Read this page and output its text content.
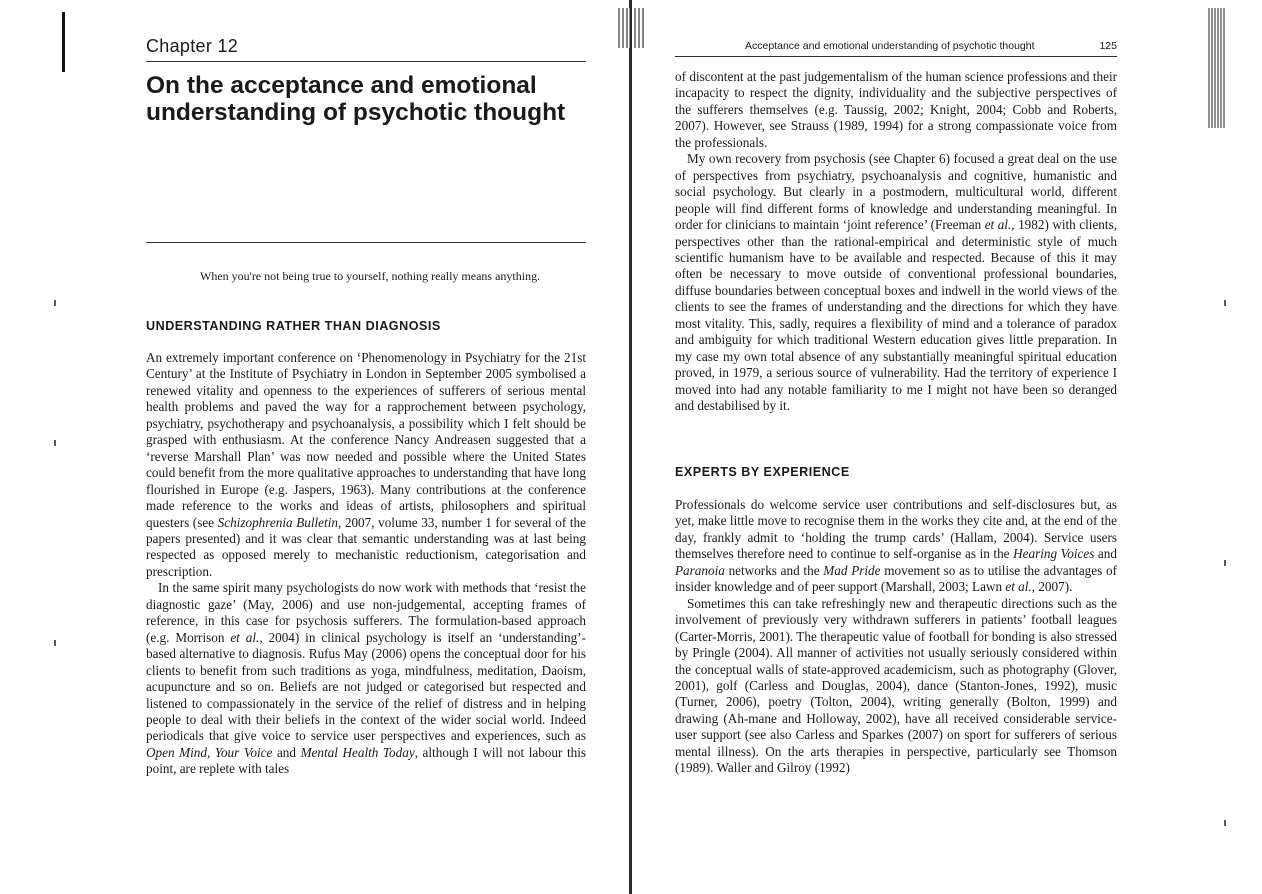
Chapter 12
On the acceptance and emotional understanding of psychotic thought
When you're not being true to yourself, nothing really means anything.
UNDERSTANDING RATHER THAN DIAGNOSIS

An extremely important conference on ‘Phenomenology in Psychiatry for the 21st Century’ at the Institute of Psychiatry in London in September 2005 symbolised a renewed vitality and openness to the experiences of sufferers of serious mental health problems and paved the way for a rapprochement between psychology, psychiatry, psychotherapy and psychoanalysis, a possibility which I felt should be grasped with enthusiasm. At the conference Nancy Andreasen suggested that a ‘reverse Marshall Plan’ was now needed and possible where the United States could benefit from the more qualitative approaches to understanding that have long flourished in Europe (e.g. Jaspers, 1963). Many contributions at the conference made reference to the works and ideas of artists, philosophers and spiritual questers (see Schizophrenia Bulletin, 2007, volume 33, number 1 for several of the papers presented) and it was clear that semantic understanding was at last being respected as opposed merely to mechanistic reductionism, categorisation and prescription.

In the same spirit many psychologists do now work with methods that ‘resist the diagnostic gaze’ (May, 2006) and use non-judgemental, accepting frames of reference, in this case for psychosis sufferers. The formulation-based approach (e.g. Morrison et al., 2004) in clinical psychology is itself an ‘understanding’-based alternative to diagnosis. Rufus May (2006) opens the conceptual door for his clients to benefit from such traditions as yoga, mindfulness, meditation, Daoism, acupuncture and so on. Beliefs are not judged or categorised but respected and listened to compassionately in the service of the relief of distress and in helping people to deal with their beliefs in the context of the wider social world. Indeed periodicals that give voice to service user perspectives and experiences, such as Open Mind, Your Voice and Mental Health Today, although I will not labour this point, are replete with tales

Acceptance and emotional understanding of psychotic thought	125

of discontent at the past judgementalism of the human science professions and their incapacity to respect the dignity, individuality and the subjective perspectives of the sufferers themselves (e.g. Taussig, 2002; Knight, 2004; Cobb and Roberts, 2007). However, see Strauss (1989, 1994) for a strong compassionate voice from the professionals.

My own recovery from psychosis (see Chapter 6) focused a great deal on the use of perspectives from psychiatry, psychoanalysis and cognitive, humanistic and social psychology. But clearly in a postmodern, multicultural world, different people will find different forms of knowledge and understanding meaningful. In order for clinicians to maintain ‘joint reference’ (Freeman et al., 1982) with clients, perspectives other than the rational-empirical and deterministic style of much scientific humanism have to be available and respected. Because of this it may often be necessary to move outside of conventional professional boundaries, diffuse boundaries between conceptual boxes and indwell in the world views of the clients to see the frames of understanding and the directions for which they have most vitality. This, sadly, requires a flexibility of mind and a tolerance of paradox and ambiguity for which traditional Western education gives little preparation. In my case my own total absence of any substantially meaningful spiritual education proved, in 1979, a serious source of vulnerability. Had the territory of experience I moved into had any notable familiarity to me I might not have been so deranged and destabilised by it.

EXPERTS BY EXPERIENCE

Professionals do welcome service user contributions and self-disclosures but, as yet, make little move to recognise them in the works they cite and, at the end of the day, frankly admit to ‘holding the trump cards’ (Hallam, 2004). Service users themselves therefore need to continue to self-organise as in the Hearing Voices and Paranoia networks and the Mad Pride movement so as to utilise the advantages of insider knowledge and of peer support (Marshall, 2003; Lawn et al., 2007).

Sometimes this can take refreshingly new and therapeutic directions such as the involvement of previously very withdrawn sufferers in patients’ football leagues (Carter-Morris, 2001). The therapeutic value of football for bonding is also stressed by Pringle (2004). All manner of activities not usually seriously considered within the conceptual walls of state-approved academicism, such as photography (Glover, 2001), golf (Carless and Douglas, 2004), dance (Stanton-Jones, 1992), music (Turner, 2006), poetry (Tolton, 2004), writing generally (Bolton, 1999) and drawing (Ah-mane and Holloway, 2002), have all received considerable service-user support (see also Carless and Sparkes (2007) on sport for sufferers of serious mental illness). On the arts therapies in perspective, particularly see Thomson (1989). Waller and Gilroy (1992)
